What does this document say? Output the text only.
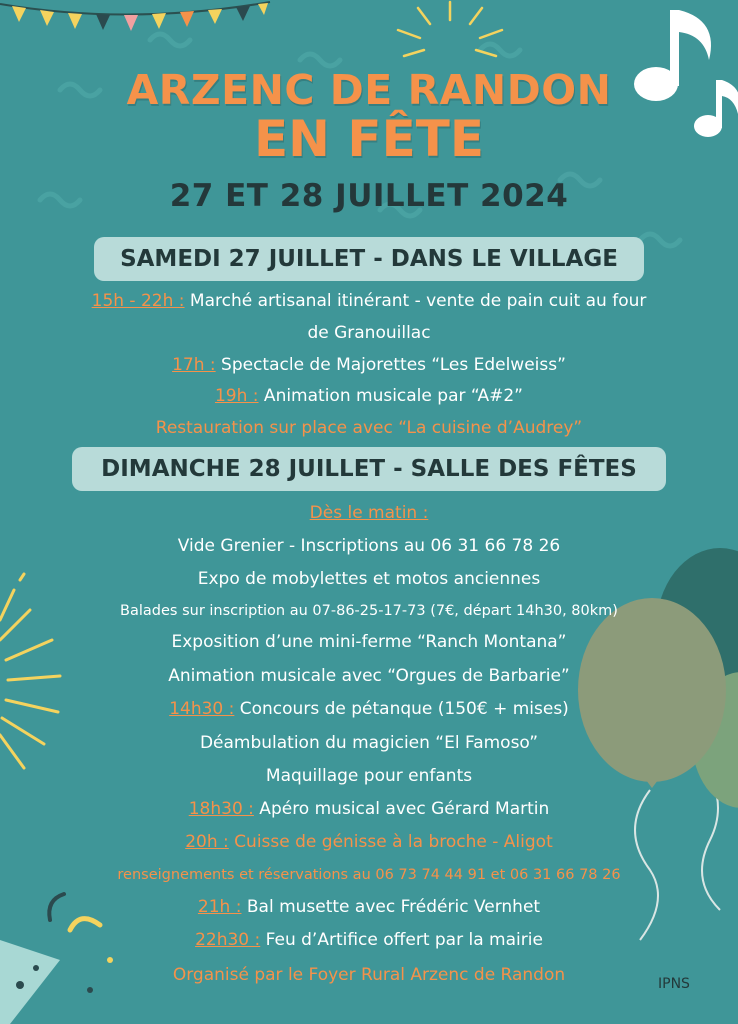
ARZENC DE RANDON
EN FÊTE
27 ET 28 JUILLET 2024
SAMEDI 27 JUILLET - DANS LE VILLAGE
15h - 22h : Marché artisanal itinérant - vente de pain cuit au four
de Granouillac
17h : Spectacle de Majorettes “Les Edelweiss”
19h : Animation musicale par “A#2”
Restauration sur place avec “La cuisine d’Audrey”
DIMANCHE 28 JUILLET - SALLE DES FÊTES
Dès le matin :
Vide Grenier - Inscriptions au 06 31 66 78 26
Expo de mobylettes et motos anciennes
Balades sur inscription au 07-86-25-17-73 (7€, départ 14h30, 80km)
Exposition d’une mini-ferme “Ranch Montana”
Animation musicale avec “Orgues de Barbarie”
14h30 : Concours de pétanque (150€ + mises)
Déambulation du magicien “El Famoso”
Maquillage pour enfants
18h30 : Apéro musical avec Gérard Martin
20h : Cuisse de génisse à la broche - Aligot
renseignements et réservations au 06 73 74 44 91 et 06 31 66 78 26
21h : Bal musette avec Frédéric Vernhet
22h30 : Feu d’Artifice offert par la mairie
Organisé par le Foyer Rural Arzenc de Randon	IPNS
